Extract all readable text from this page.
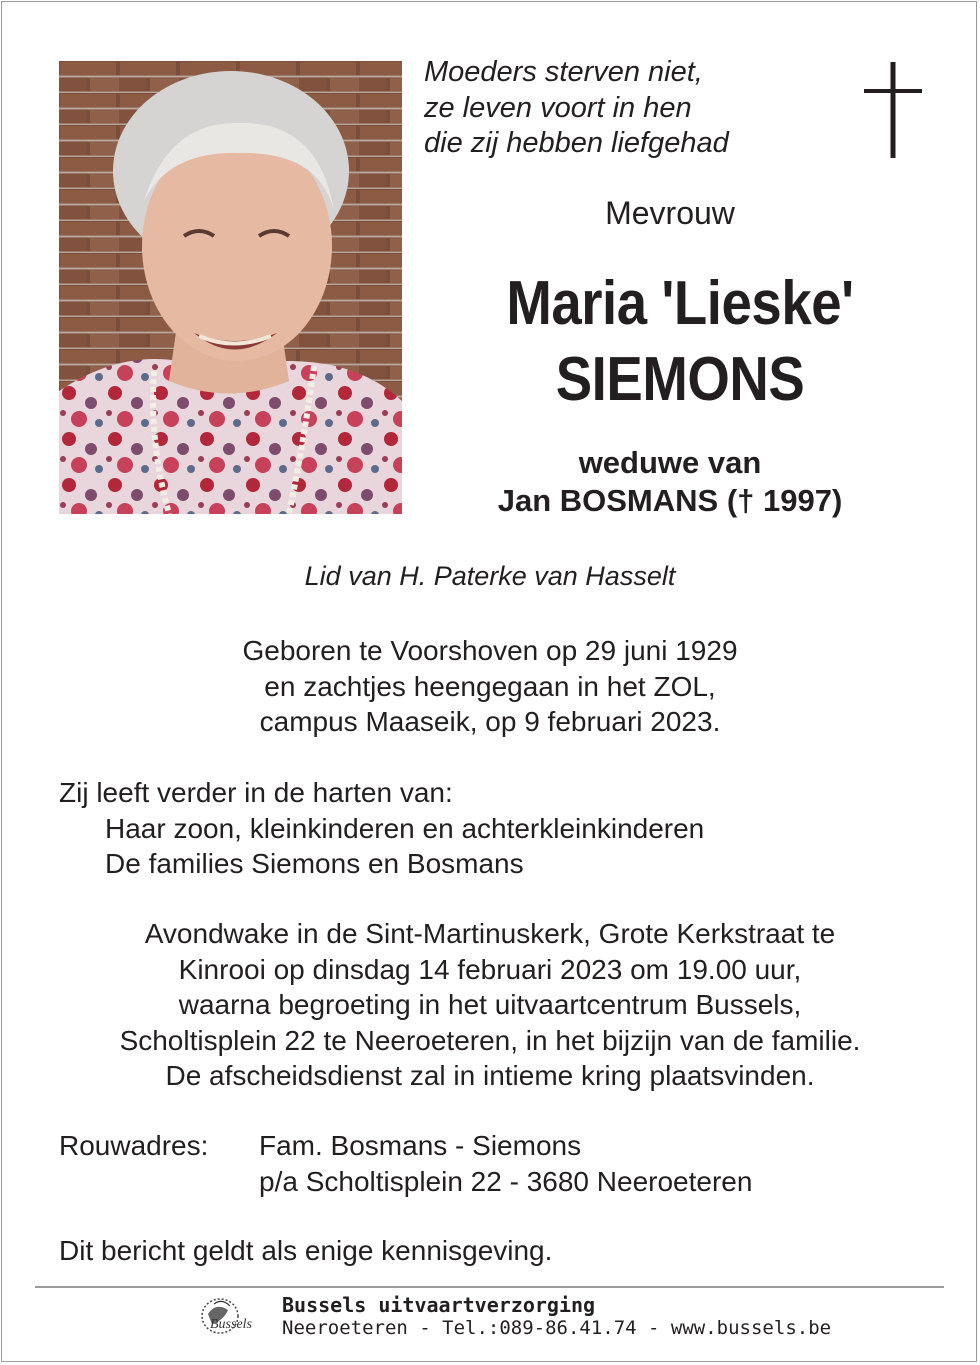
Moeders sterven niet,
ze leven voort in hen
die zij hebben liefgehad
Mevrouw
Maria 'Lieske'
SIEMONS
weduwe van
Jan BOSMANS († 1997)
Lid van H. Paterke van Hasselt
Geboren te Voorshoven op 29 juni 1929
en zachtjes heengegaan in het ZOL,
campus Maaseik, op 9 februari 2023.
Zij leeft verder in de harten van:
Haar zoon, kleinkinderen en achterkleinkinderen
De families Siemons en Bosmans
Avondwake in de Sint-Martinuskerk, Grote Kerkstraat te
Kinrooi op dinsdag 14 februari 2023 om 19.00 uur,
waarna begroeting in het uitvaartcentrum Bussels,
Scholtisplein 22 te Neeroeteren, in het bijzijn van de familie.
De afscheidsdienst zal in intieme kring plaatsvinden.
Rouwadres: Fam. Bosmans - Siemons
p/a Scholtisplein 22 - 3680 Neeroeteren
Dit bericht geldt als enige kennisgeving.
Bussels
Bussels uitvaartverzorging
Neeroeteren - Tel.:089-86.41.74 - www.bussels.be
